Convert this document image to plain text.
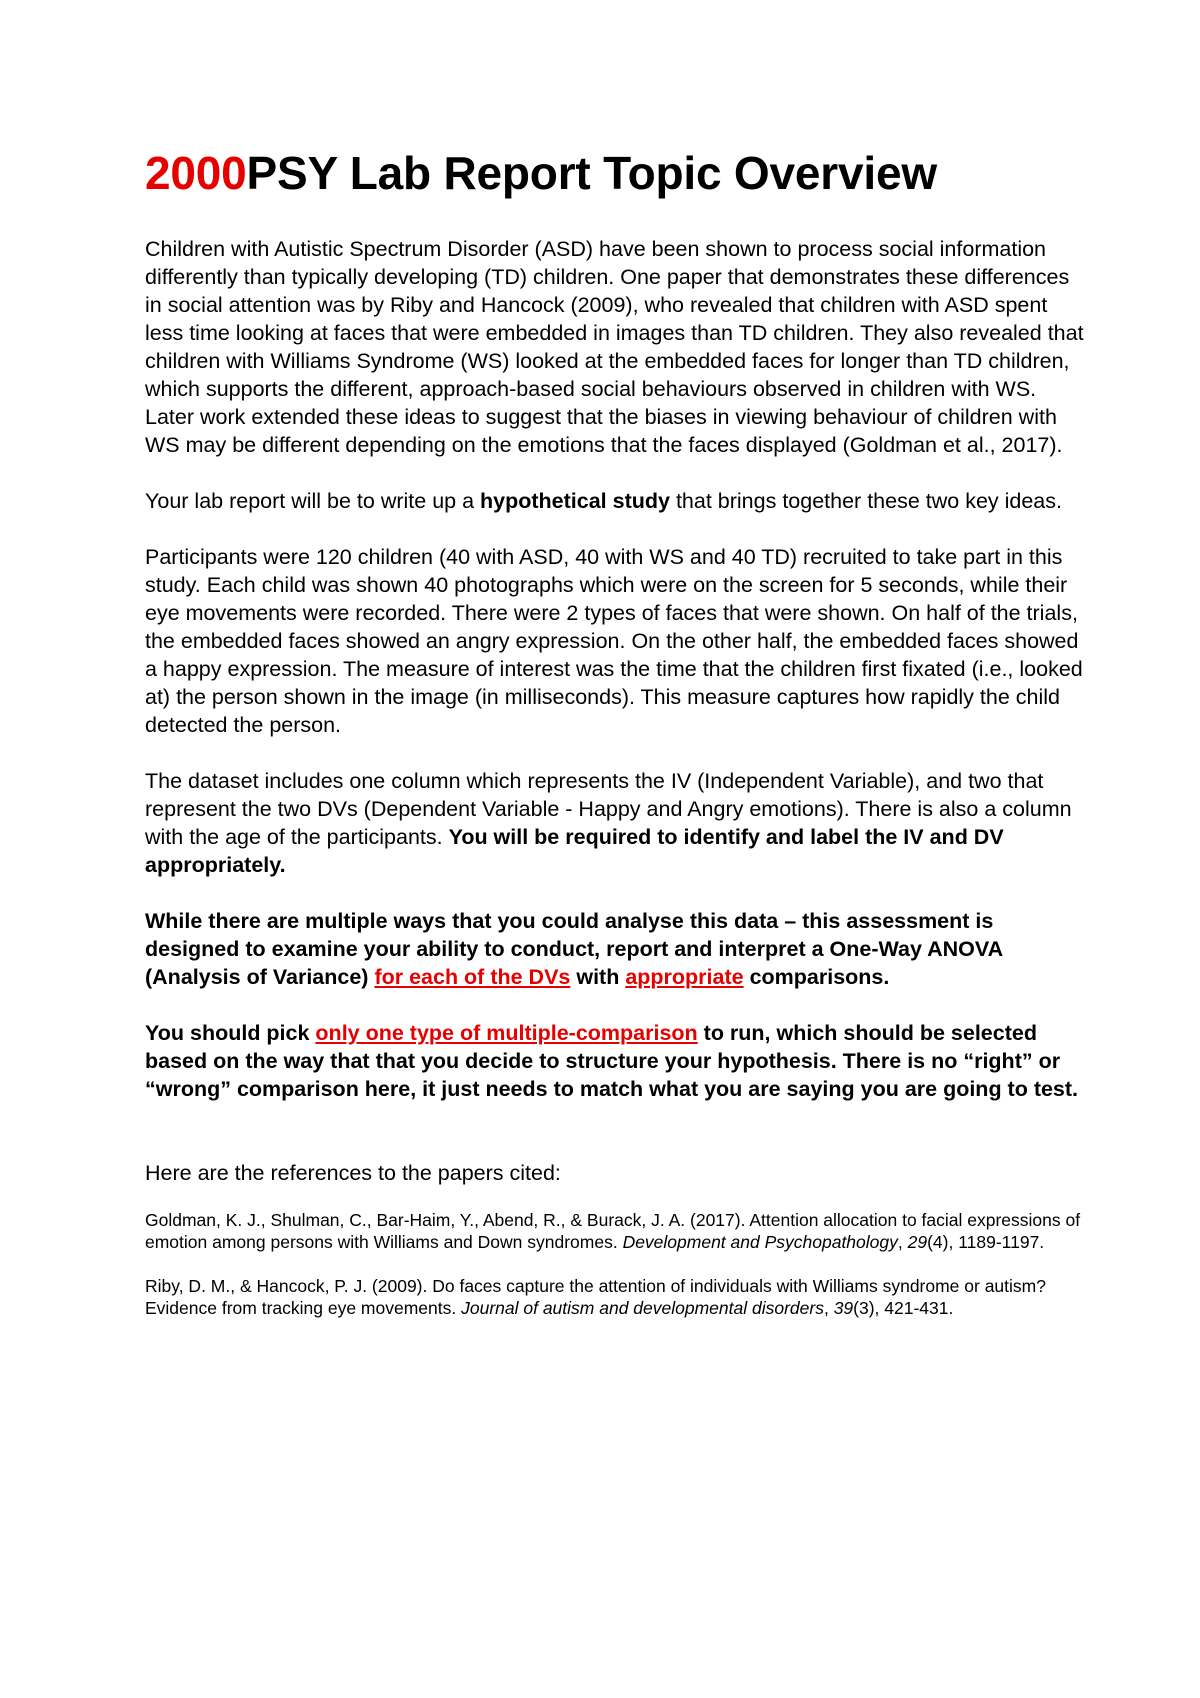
2000PSY Lab Report Topic Overview

Children with Autistic Spectrum Disorder (ASD) have been shown to process social information differently than typically developing (TD) children. One paper that demonstrates these differences in social attention was by Riby and Hancock (2009), who revealed that children with ASD spent less time looking at faces that were embedded in images than TD children. They also revealed that children with Williams Syndrome (WS) looked at the embedded faces for longer than TD children, which supports the different, approach-based social behaviours observed in children with WS. Later work extended these ideas to suggest that the biases in viewing behaviour of children with WS may be different depending on the emotions that the faces displayed (Goldman et al., 2017).

Your lab report will be to write up a hypothetical study that brings together these two key ideas.

Participants were 120 children (40 with ASD, 40 with WS and 40 TD) recruited to take part in this study. Each child was shown 40 photographs which were on the screen for 5 seconds, while their eye movements were recorded. There were 2 types of faces that were shown. On half of the trials, the embedded faces showed an angry expression. On the other half, the embedded faces showed a happy expression. The measure of interest was the time that the children first fixated (i.e., looked at) the person shown in the image (in milliseconds). This measure captures how rapidly the child detected the person.

The dataset includes one column which represents the IV (Independent Variable), and two that represent the two DVs (Dependent Variable - Happy and Angry emotions). There is also a column with the age of the participants. You will be required to identify and label the IV and DV appropriately.

While there are multiple ways that you could analyse this data – this assessment is designed to examine your ability to conduct, report and interpret a One-Way ANOVA (Analysis of Variance) for each of the DVs with appropriate comparisons.

You should pick only one type of multiple-comparison to run, which should be selected based on the way that that you decide to structure your hypothesis. There is no “right” or “wrong” comparison here, it just needs to match what you are saying you are going to test.

Here are the references to the papers cited:

Goldman, K. J., Shulman, C., Bar-Haim, Y., Abend, R., & Burack, J. A. (2017). Attention allocation to facial expressions of emotion among persons with Williams and Down syndromes. Development and Psychopathology, 29(4), 1189-1197.

Riby, D. M., & Hancock, P. J. (2009). Do faces capture the attention of individuals with Williams syndrome or autism? Evidence from tracking eye movements. Journal of autism and developmental disorders, 39(3), 421-431.
